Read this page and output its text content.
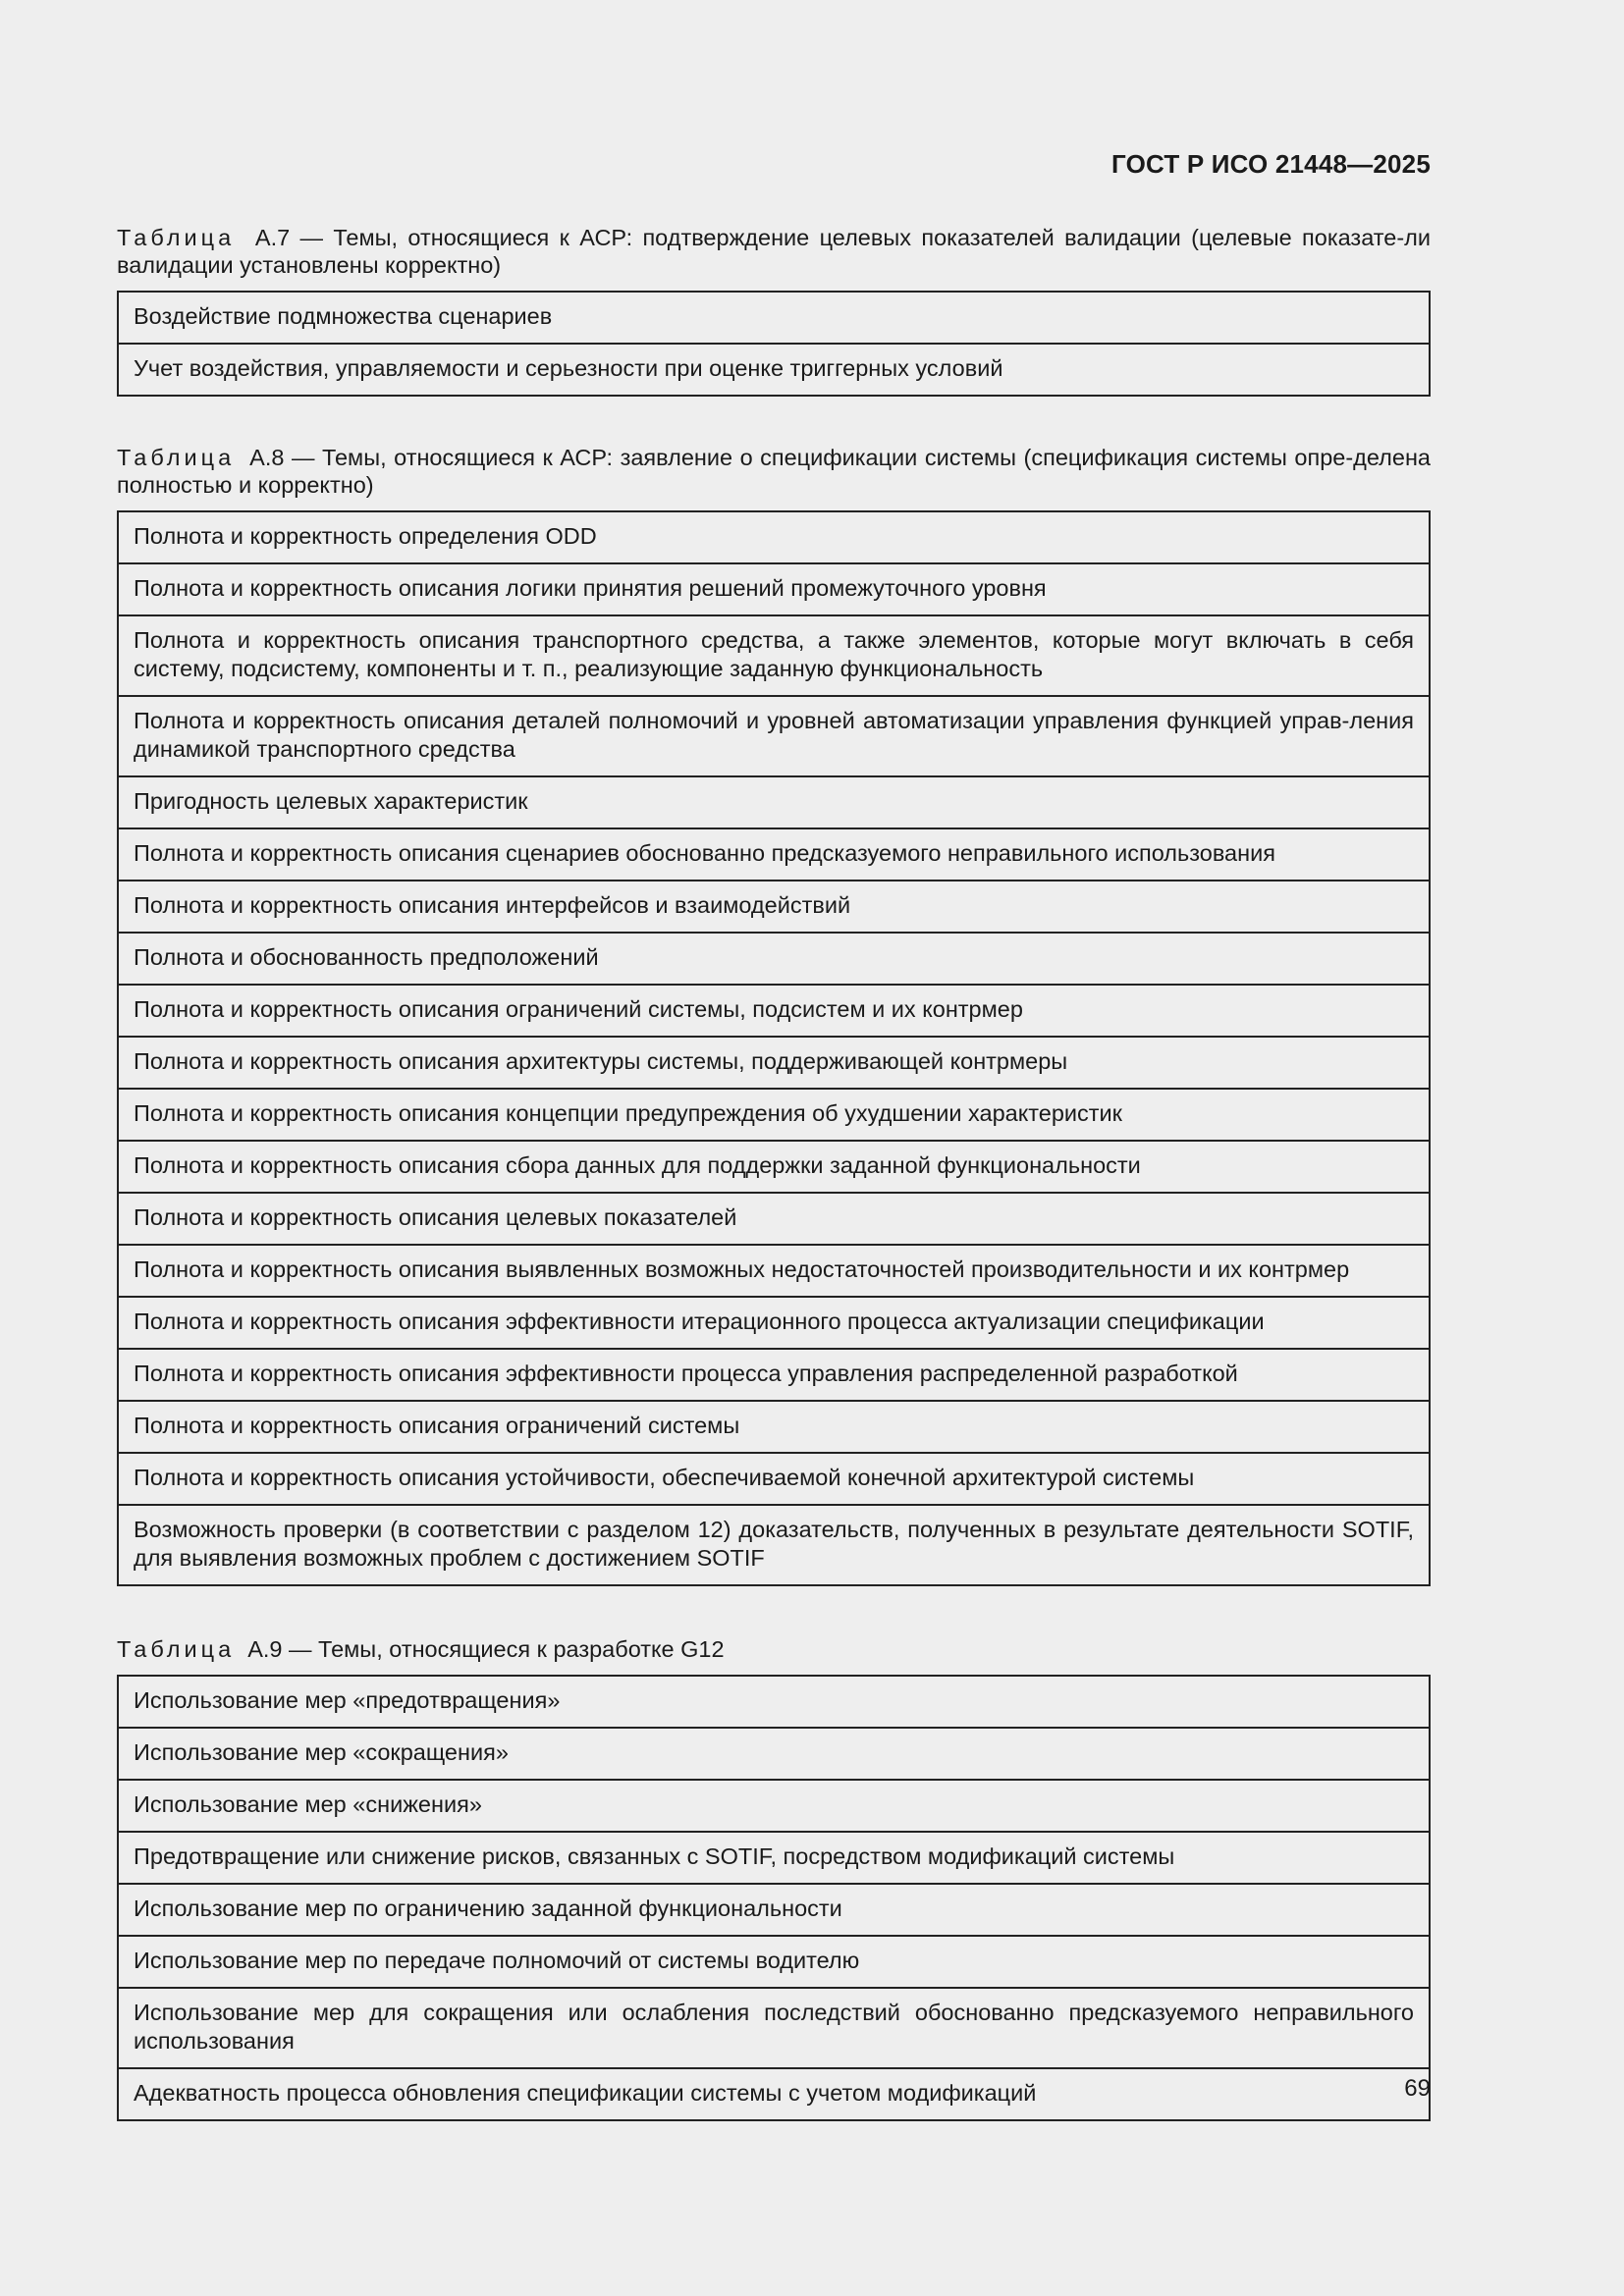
ГОСТ Р ИСО 21448—2025
Таблица А.7 — Темы, относящиеся к АСР: подтверждение целевых показателей валидации (целевые показате-ли валидации установлены корректно)
Воздействие подмножества сценариев
Учет воздействия, управляемости и серьезности при оценке триггерных условий
Таблица А.8 — Темы, относящиеся к АСР: заявление о спецификации системы (спецификация системы опре-делена полностью и корректно)
Полнота и корректность определения ODD
Полнота и корректность описания логики принятия решений промежуточного уровня
Полнота и корректность описания транспортного средства, а также элементов, которые могут включать в себя систему, подсистему, компоненты и т. п., реализующие заданную функциональность
Полнота и корректность описания деталей полномочий и уровней автоматизации управления функцией управ-ления динамикой транспортного средства
Пригодность целевых характеристик
Полнота и корректность описания сценариев обоснованно предсказуемого неправильного использования
Полнота и корректность описания интерфейсов и взаимодействий
Полнота и обоснованность предположений
Полнота и корректность описания ограничений системы, подсистем и их контрмер
Полнота и корректность описания архитектуры системы, поддерживающей контрмеры
Полнота и корректность описания концепции предупреждения об ухудшении характеристик
Полнота и корректность описания сбора данных для поддержки заданной функциональности
Полнота и корректность описания целевых показателей
Полнота и корректность описания выявленных возможных недостаточностей производительности и их контрмер
Полнота и корректность описания эффективности итерационного процесса актуализации спецификации
Полнота и корректность описания эффективности процесса управления распределенной разработкой
Полнота и корректность описания ограничений системы
Полнота и корректность описания устойчивости, обеспечиваемой конечной архитектурой системы
Возможность проверки (в соответствии с разделом 12) доказательств, полученных в результате деятельности SOTIF, для выявления возможных проблем с достижением SOTIF
Таблица А.9 — Темы, относящиеся к разработке G12
Использование мер «предотвращения»
Использование мер «сокращения»
Использование мер «снижения»
Предотвращение или снижение рисков, связанных с SOTIF, посредством модификаций системы
Использование мер по ограничению заданной функциональности
Использование мер по передаче полномочий от системы водителю
Использование мер для сокращения или ослабления последствий обоснованно предсказуемого неправильного использования
Адекватность процесса обновления спецификации системы с учетом модификаций	69
